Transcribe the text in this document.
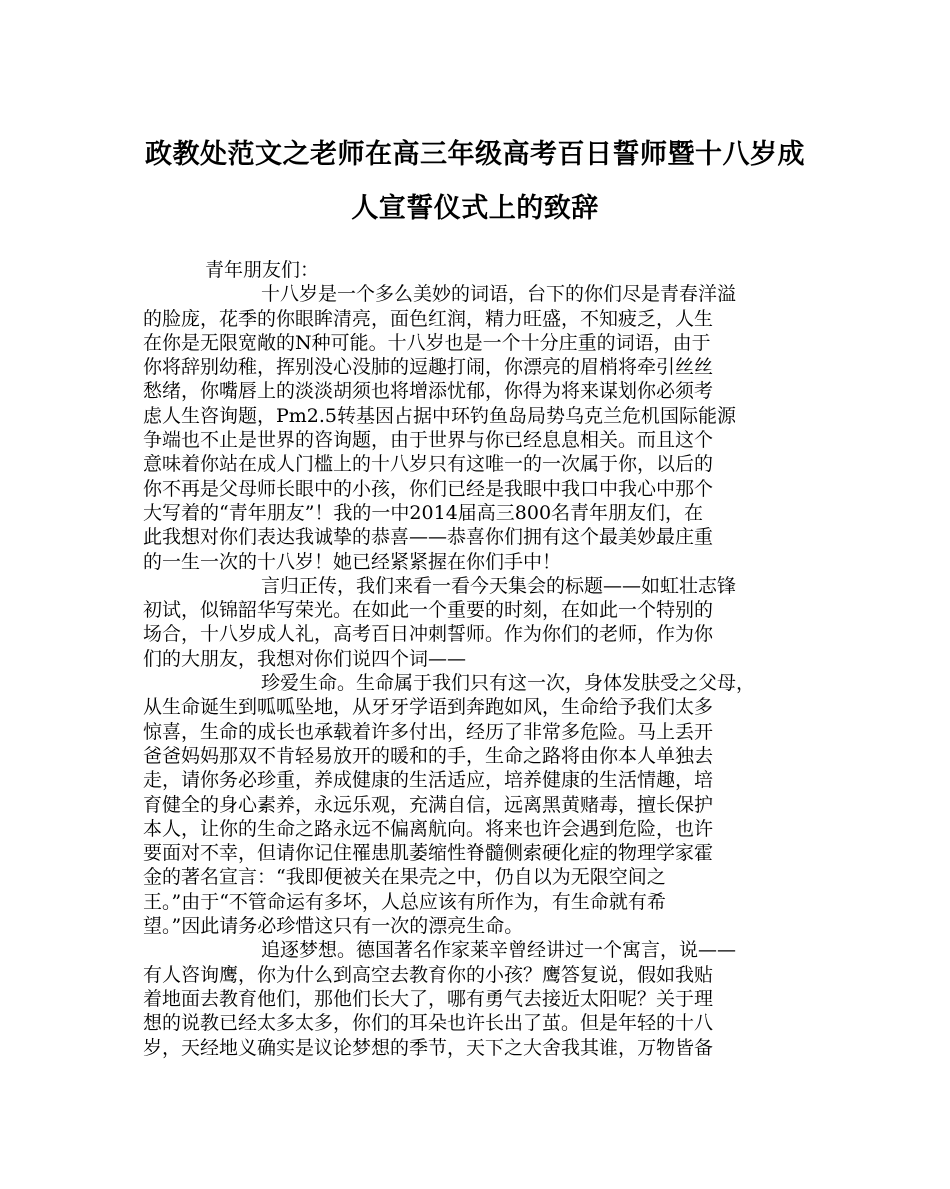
政教处范文之老师在高三年级高考百日誓师暨十八岁成
人宣誓仪式上的致辞
青年朋友们：
十八岁是一个多么美妙的词语，台下的你们尽是青春洋溢
的脸庞，花季的你眼眸清亮，面色红润，精力旺盛，不知疲乏，人生
在你是无限宽敞的N种可能。十八岁也是一个十分庄重的词语，由于
你将辞别幼稚，挥别没心没肺的逗趣打闹，你漂亮的眉梢将牵引丝丝
愁绪，你嘴唇上的淡淡胡须也将增添忧郁，你得为将来谋划你必须考
虑人生咨询题，Pm2.5转基因占据中环钓鱼岛局势乌克兰危机国际能源
争端也不止是世界的咨询题，由于世界与你已经息息相关。而且这个
意味着你站在成人门槛上的十八岁只有这唯一的一次属于你，以后的
你不再是父母师长眼中的小孩，你们已经是我眼中我口中我心中那个
大写着的“青年朋友”！我的一中2014届高三800名青年朋友们，在
此我想对你们表达我诚挚的恭喜——恭喜你们拥有这个最美妙最庄重
的一生一次的十八岁！她已经紧紧握在你们手中！
言归正传，我们来看一看今天集会的标题——如虹壮志锋
初试，似锦韶华写荣光。在如此一个重要的时刻，在如此一个特别的
场合，十八岁成人礼，高考百日冲刺誓师。作为你们的老师，作为你
们的大朋友，我想对你们说四个词——
珍爱生命。生命属于我们只有这一次，身体发肤受之父母，
从生命诞生到呱呱坠地，从牙牙学语到奔跑如风，生命给予我们太多
惊喜，生命的成长也承载着许多付出，经历了非常多危险。马上丢开
爸爸妈妈那双不肯轻易放开的暖和的手，生命之路将由你本人单独去
走，请你务必珍重，养成健康的生活适应，培养健康的生活情趣，培
育健全的身心素养，永远乐观，充满自信，远离黑黄赌毒，擅长保护
本人，让你的生命之路永远不偏离航向。将来也许会遇到危险，也许
要面对不幸，但请你记住罹患肌萎缩性脊髓侧索硬化症的物理学家霍
金的著名宣言：“我即便被关在果壳之中，仍自以为无限空间之
王。”由于“不管命运有多坏，人总应该有所作为，有生命就有希
望。”因此请务必珍惜这只有一次的漂亮生命。
追逐梦想。德国著名作家莱辛曾经讲过一个寓言，说——
有人咨询鹰，你为什么到高空去教育你的小孩？鹰答复说，假如我贴
着地面去教育他们，那他们长大了，哪有勇气去接近太阳呢？关于理
想的说教已经太多太多，你们的耳朵也许长出了茧。但是年轻的十八
岁，天经地义确实是议论梦想的季节，天下之大舍我其谁，万物皆备
